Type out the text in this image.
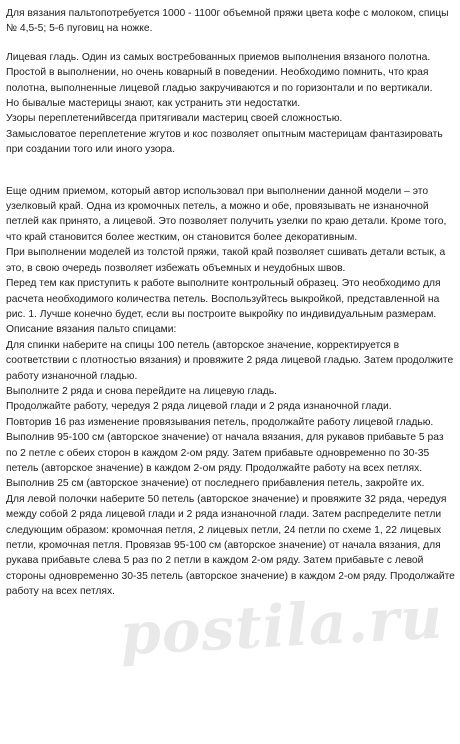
Для вязания пальтопотребуется 1000 - 1100г объемной пряжи цвета кофе с молоком, спицы № 4,5-5; 5-6 пуговиц на ножке.

Лицевая гладь. Один из самых востребованных приемов выполнения вязаного полотна. Простой в выполнении, но очень коварный в поведении. Необходимо помнить, что края полотна, выполненные лицевой гладью закручиваются и по горизонтали и по вертикали.

Но бывалые мастерицы знают, как устранить эти недостатки.

Узоры переплетенийвсегда притягивали мастериц своей сложностью.

Замысловатое переплетение жгутов и кос позволяет опытным мастерицам фантазировать при создании того или иного узора.

Еще одним приемом, который автор использовал при выполнении данной модели – это узелковый край. Одна из кромочных петель, а можно и обе, провязывать не изнаночной петлей как принято, а лицевой. Это позволяет получить узелки по краю детали. Кроме того, что край становится более жестким, он становится более декоративным.

При выполнении моделей из толстой пряжи, такой край позволяет сшивать детали встык, а это, в свою очередь позволяет избежать объемных и неудобных швов.

Перед тем как приступить к работе выполните контрольный образец. Это необходимо для расчета необходимого количества петель. Воспользуйтесь выкройкой, представленной на рис. 1. Лучше конечно будет, если вы построите выкройку по индивидуальным размерам.

Описание вязания пальто спицами:

Для спинки наберите на спицы 100 петель (авторское значение, корректируется в соответствии с плотностью вязания) и провяжите 2 ряда лицевой гладью. Затем продолжите работу изнаночной гладью.

Выполните 2 ряда и снова перейдите на лицевую гладь.

Продолжайте работу, чередуя 2 ряда лицевой глади и 2 ряда изнаночной глади.

Повторив 16 раз изменение провязывания петель, продолжайте работу лицевой гладью.

Выполнив 95-100 см (авторское значение) от начала вязания, для рукавов прибавьте 5 раз по 2 петле с обеих сторон в каждом 2-ом ряду. Затем прибавьте одновременно по 30-35 петель (авторское значение) в каждом 2-ом ряду. Продолжайте работу на всех петлях.

Выполнив 25 см (авторское значение) от последнего прибавления петель, закройте их.

Для левой полочки наберите 50 петель (авторское значение) и провяжите 32 ряда, чередуя между собой 2 ряда лицевой глади и 2 ряда изнаночной глади. Затем распределите петли следующим образом: кромочная петля, 2 лицевых петли, 24 петли по схеме 1, 22 лицевых петли, кромочная петля. Провязав 95-100 см (авторское значение) от начала вязания, для рукава прибавьте слева 5 раз по 2 петли в каждом 2-ом ряду. Затем прибавьте с левой стороны одновременно 30-35 петель (авторское значение) в каждом 2-ом ряду. Продолжайте работу на всех петлях. postila.ru
